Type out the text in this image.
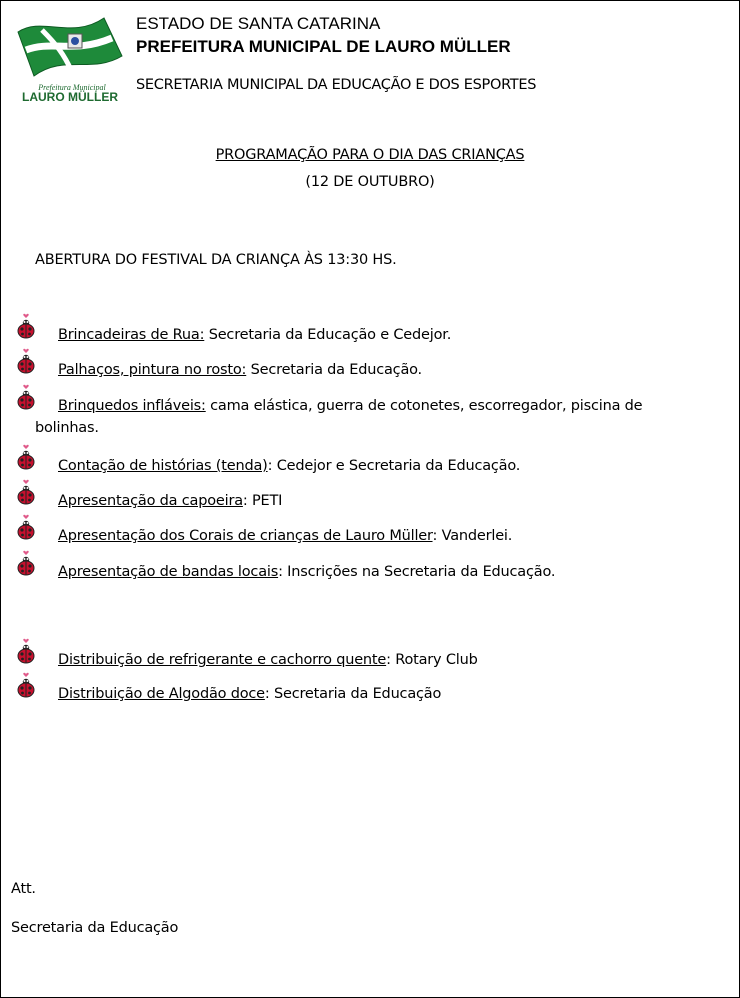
Prefeitura Municipal
LAURO MÜLLER
ESTADO DE SANTA CATARINA
PREFEITURA MUNICIPAL DE LAURO MÜLLER
SECRETARIA MUNICIPAL DA EDUCAÇÃO E DOS ESPORTES
PROGRAMAÇÃO PARA O DIA DAS CRIANÇAS
(12 DE OUTUBRO)
ABERTURA DO FESTIVAL DA CRIANÇA ÀS 13:30 HS.
Brincadeiras de Rua: Secretaria da Educação e Cedejor.
Palhaços, pintura no rosto: Secretaria da Educação.
Brinquedos infláveis: cama elástica, guerra de cotonetes, escorregador, piscina de
bolinhas.
Contação de histórias (tenda): Cedejor e Secretaria da Educação.
Apresentação da capoeira: PETI
Apresentação dos Corais de crianças de Lauro Müller: Vanderlei.
Apresentação de bandas locais: Inscrições na Secretaria da Educação.
Distribuição de refrigerante e cachorro quente: Rotary Club
Distribuição de Algodão doce: Secretaria da Educação
Att.
Secretaria da Educação
